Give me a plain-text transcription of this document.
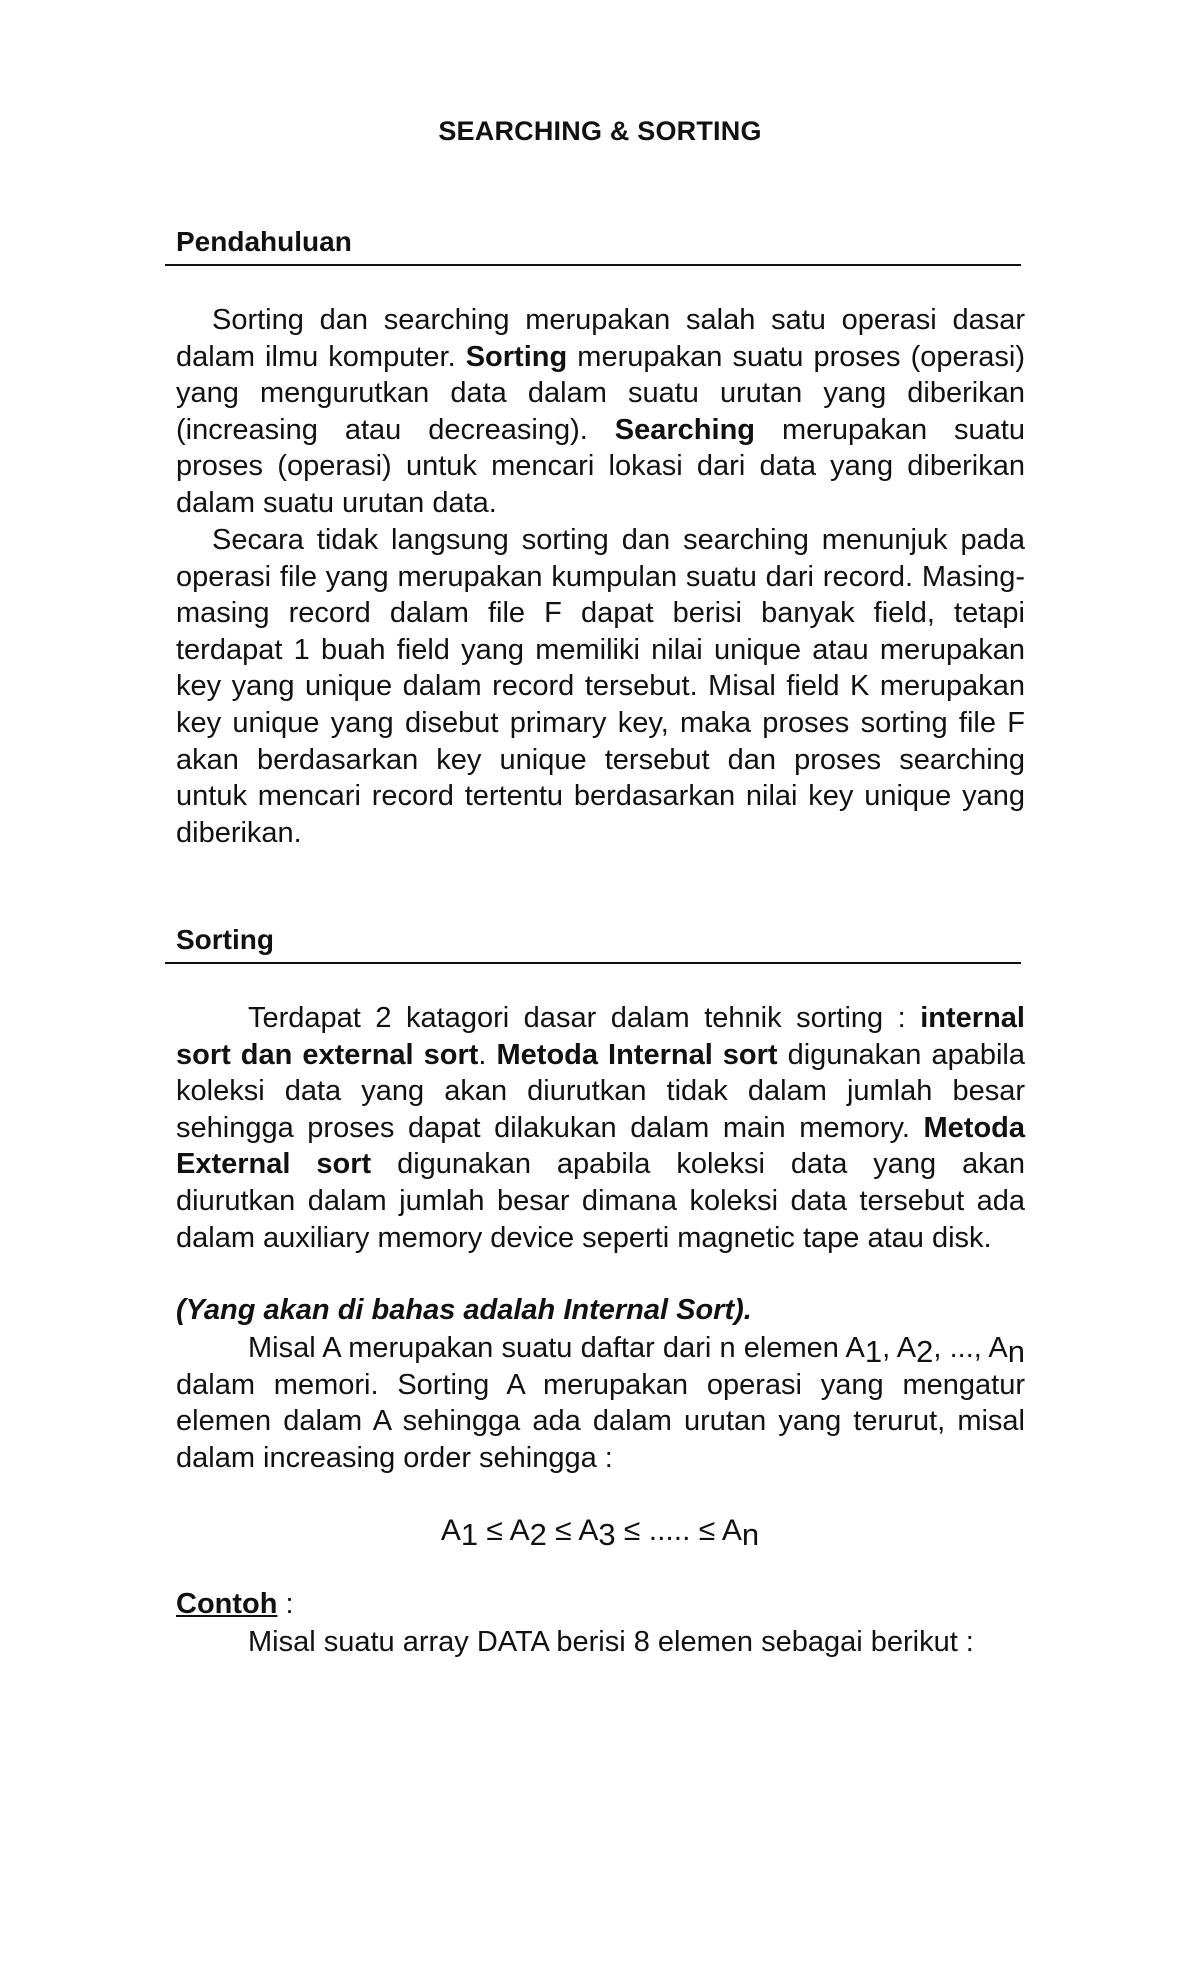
SEARCHING & SORTING
Pendahuluan
Sorting dan searching merupakan salah satu operasi dasar dalam ilmu komputer. Sorting merupakan suatu proses (operasi) yang mengurutkan data dalam suatu urutan yang diberikan (increasing atau decreasing). Searching merupakan suatu proses (operasi) untuk mencari lokasi dari data yang diberikan dalam suatu urutan data.
Secara tidak langsung sorting dan searching menunjuk pada operasi file yang merupakan kumpulan suatu dari record. Masing-masing record dalam file F dapat berisi banyak field, tetapi terdapat 1 buah field yang memiliki nilai unique atau merupakan key yang unique dalam record tersebut. Misal field K merupakan key unique yang disebut primary key, maka proses sorting file F akan berdasarkan key unique tersebut dan proses searching untuk mencari record tertentu berdasarkan nilai key unique yang diberikan.
Sorting
Terdapat 2 katagori dasar dalam tehnik sorting : internal sort dan external sort. Metoda Internal sort digunakan apabila koleksi data yang akan diurutkan tidak dalam jumlah besar sehingga proses dapat dilakukan dalam main memory. Metoda External sort digunakan apabila koleksi data yang akan diurutkan dalam jumlah besar dimana koleksi data tersebut ada dalam auxiliary memory device seperti magnetic tape atau disk.
(Yang akan di bahas adalah Internal Sort).
Misal A merupakan suatu daftar dari n elemen $A_1$, $A_2$, ..., $A_n$ dalam memori. Sorting A merupakan operasi yang mengatur elemen dalam A sehingga ada dalam urutan yang terurut, misal dalam increasing order sehingga :
$A_1 \le A_2 \le A_3$ ≤ ..... ≤ $A_n$
Contoh :
Misal suatu array DATA berisi 8 elemen sebagai berikut :
